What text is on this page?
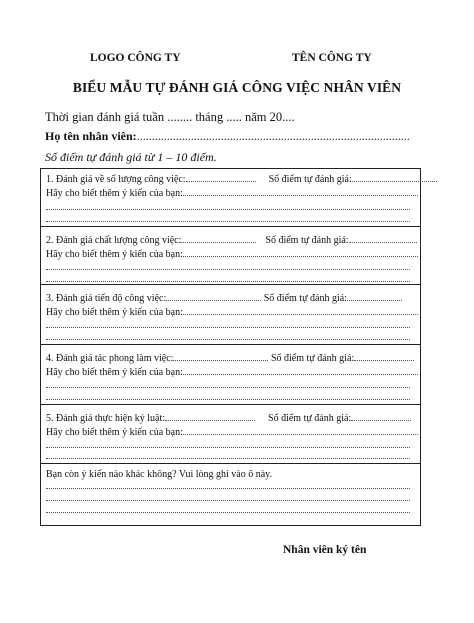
LOGO CÔNG TY	TÊN CÔNG TY
BIỂU MẪU TỰ ĐÁNH GIÁ CÔNG VIỆC NHÂN VIÊN
Thời gian đánh giá tuần ........ tháng ..... năm 20....
Họ tên nhân viên:...........................................................................................
Số điểm tự đánh giá từ 1 – 10 điểm.
1. Đánh giá về số lượng công việc:	Số điểm tự đánh giá:
Hãy cho biết thêm ý kiến của bạn:
2. Đánh giá chất lượng công việc:	Số điểm tự đánh giá:
Hãy cho biết thêm ý kiến của bạn:
3. Đánh giá tiến độ công việc:	Số điểm tự đánh giá:
Hãy cho biết thêm ý kiến của bạn:
4. Đánh giá tác phong làm việc:	Số điểm tự đánh giá:
Hãy cho biết thêm ý kiến của bạn:
5. Đánh giá thực hiện kỷ luật:	Số điểm tự đánh giá:
Hãy cho biết thêm ý kiến của bạn:
Bạn còn ý kiến nào khác không? Vui lòng ghi vào ô này.
Nhân viên ký tên
